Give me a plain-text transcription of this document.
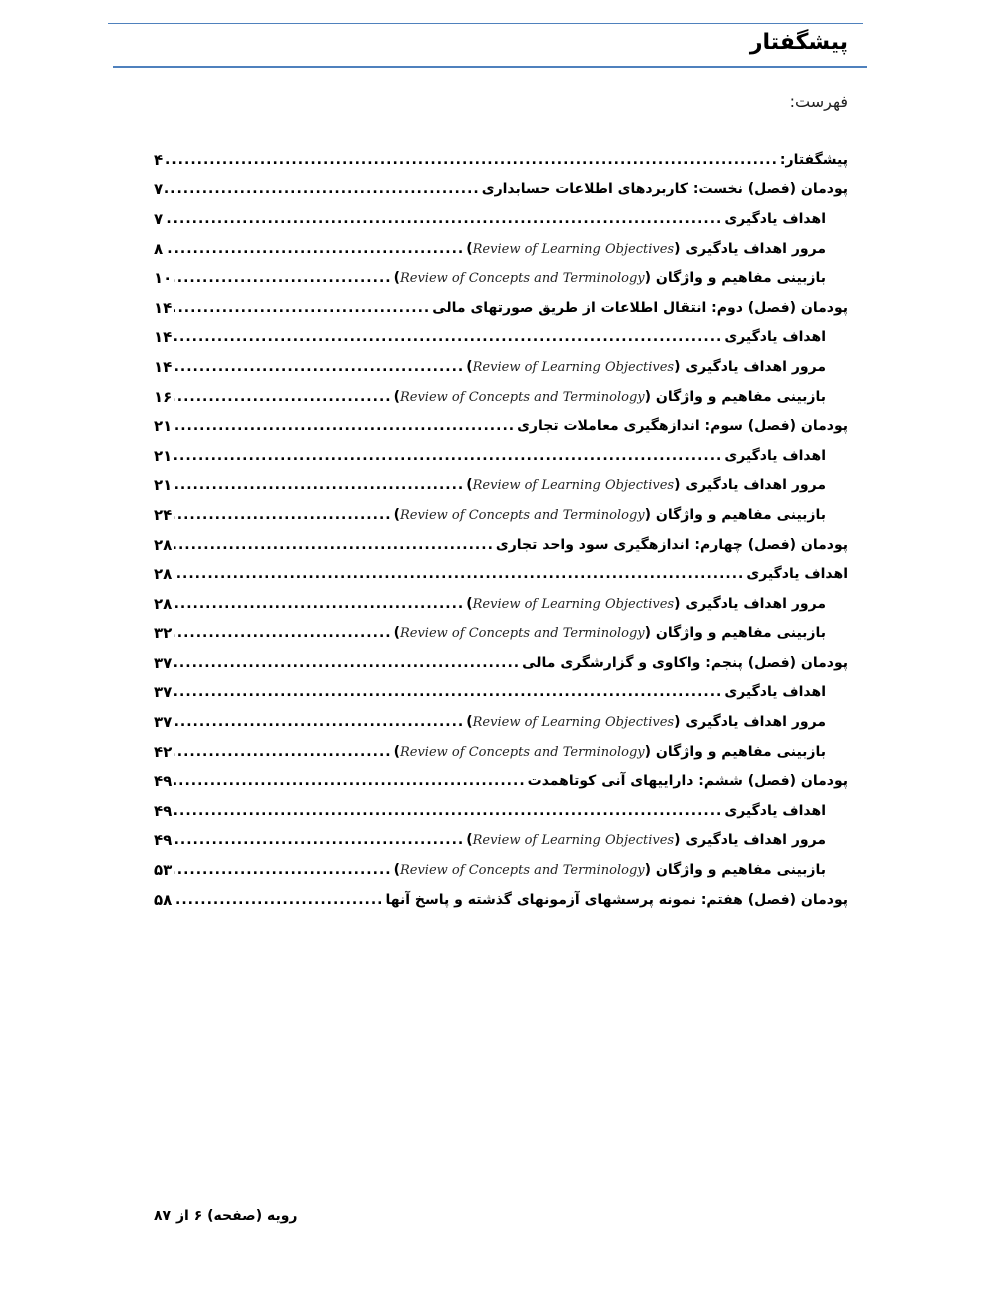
پیشگفتار
فهرست:
پیشگفتار:
.....
۴
پودمان (فصل) نخست: کاربردهای اطلاعات حسابداری
.....
۷
اهداف یادگیری
.....
۷
مرور اهداف یادگیری (Review of Learning Objectives)
.....
۸
بازبینی مفاهیم و واژگان (Review of Concepts and Terminology)
.....
۱۰
پودمان (فصل) دوم: انتقال اطلاعات از طریق صورتهای مالی
.....
۱۴
اهداف یادگیری
.....
۱۴
مرور اهداف یادگیری (Review of Learning Objectives)
.....
۱۴
بازبینی مفاهیم و واژگان (Review of Concepts and Terminology)
.....
۱۶
پودمان (فصل) سوم: اندازهگیری معاملات تجاری
.....
۲۱
اهداف یادگیری
.....
۲۱
مرور اهداف یادگیری (Review of Learning Objectives)
.....
۲۱
بازبینی مفاهیم و واژگان (Review of Concepts and Terminology)
.....
۲۴
پودمان (فصل) چهارم: اندازهگیری سود واحد تجاری
.....
۲۸
اهداف یادگیری
.....
۲۸
مرور اهداف یادگیری (Review of Learning Objectives)
.....
۲۸
بازبینی مفاهیم و واژگان (Review of Concepts and Terminology)
.....
۳۲
پودمان (فصل) پنجم: واکاوی و گزارشگری مالی
.....
۳۷
اهداف یادگیری
.....
۳۷
مرور اهداف یادگیری (Review of Learning Objectives)
.....
۳۷
بازبینی مفاهیم و واژگان (Review of Concepts and Terminology)
.....
۴۲
پودمان (فصل) ششم: داراییهای آنی کوتاهمدت
.....
۴۹
اهداف یادگیری
.....
۴۹
مرور اهداف یادگیری (Review of Learning Objectives)
.....
۴۹
بازبینی مفاهیم و واژگان (Review of Concepts and Terminology)
.....
۵۳
پودمان (فصل) هفتم: نمونه پرسشهای آزمونهای گذشته و پاسخ آنها
.....
۵۸
رویه (صفحه) ۶ از ۸۷
